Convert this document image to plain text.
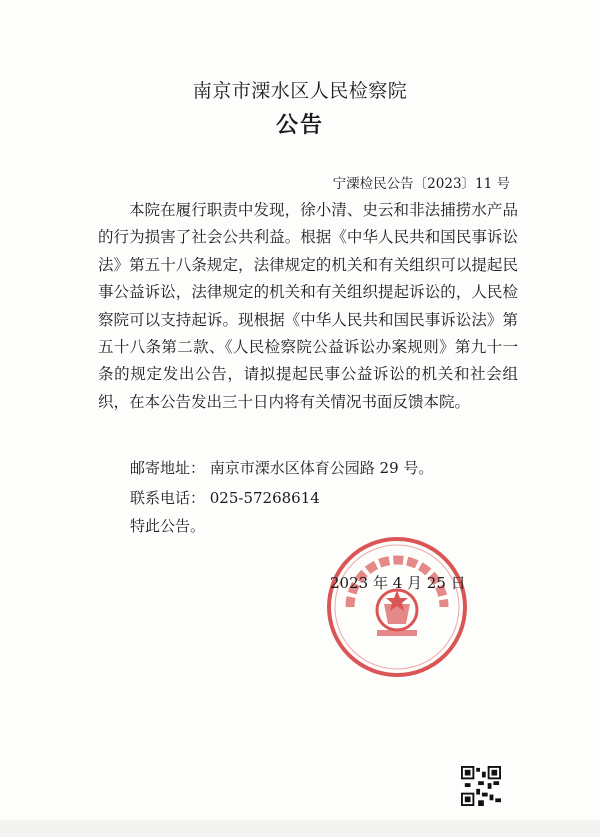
南京市溧水区人民检察院
公告
宁溧检民公告〔2023〕11 号
本院在履行职责中发现，徐小清、史云和非法捕捞水产品的行为损害了社会公共利益。根据《中华人民共和国民事诉讼法》第五十八条规定，法律规定的机关和有关组织可以提起民事公益诉讼，法律规定的机关和有关组织提起诉讼的，人民检察院可以支持起诉。现根据《中华人民共和国民事诉讼法》第五十八条第二款、《人民检察院公益诉讼办案规则》第九十一条的规定发出公告，请拟提起民事公益诉讼的机关和社会组织，在本公告发出三十日内将有关情况书面反馈本院。
邮寄地址： 南京市溧水区体育公园路 29 号。
联系电话： 025-57268614
特此公告。
2023 年 4 月 25 日
